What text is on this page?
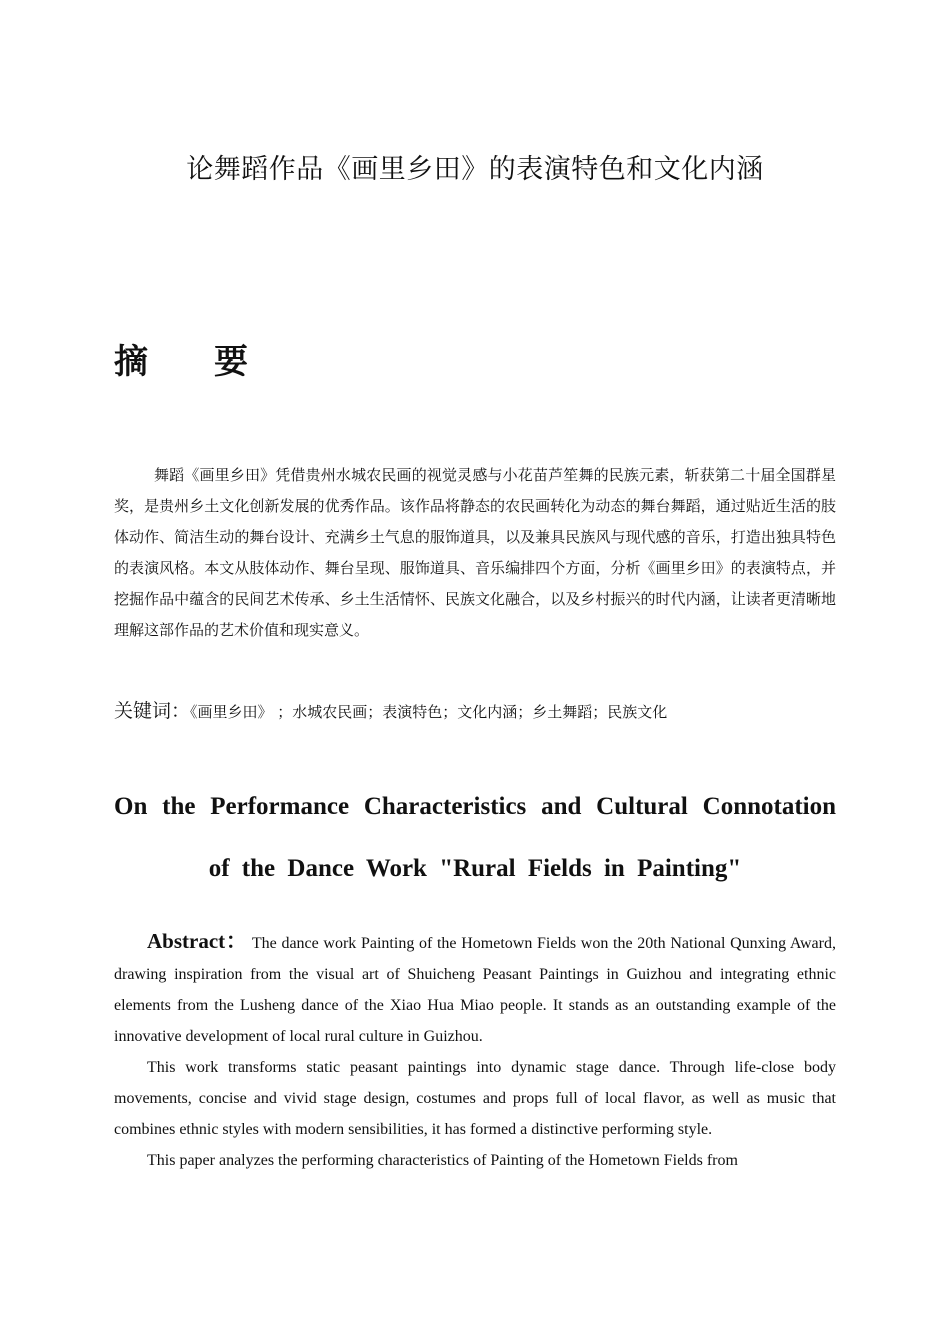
论舞蹈作品《画里乡田》的表演特色和文化内涵
摘 要
舞蹈《画里乡田》凭借贵州水城农民画的视觉灵感与小花苗芦笙舞的民族元素，斩获第二十届全国群星奖，是贵州乡土文化创新发展的优秀作品。该作品将静态的农民画转化为动态的舞台舞蹈，通过贴近生活的肢体动作、简洁生动的舞台设计、充满乡土气息的服饰道具，以及兼具民族风与现代感的音乐，打造出独具特色的表演风格。本文从肢体动作、舞台呈现、服饰道具、音乐编排四个方面，分析《画里乡田》的表演特点，并挖掘作品中蕴含的民间艺术传承、乡土生活情怀、民族文化融合，以及乡村振兴的时代内涵，让读者更清晰地理解这部作品的艺术价值和现实意义。
关键词：《画里乡田》 ；水城农民画；表演特色；文化内涵；乡土舞蹈；民族文化
On the Performance Characteristics and Cultural Connotation of the Dance Work "Rural Fields in Painting"

Abstract： The dance work Painting of the Hometown Fields won the 20th National Qunxing Award, drawing inspiration from the visual art of Shuicheng Peasant Paintings in Guizhou and integrating ethnic elements from the Lusheng dance of the Xiao Hua Miao people. It stands as an outstanding example of the innovative development of local rural culture in Guizhou.

This work transforms static peasant paintings into dynamic stage dance. Through life-close body movements, concise and vivid stage design, costumes and props full of local flavor, as well as music that combines ethnic styles with modern sensibilities, it has formed a distinctive performing style.

This paper analyzes the performing characteristics of Painting of the Hometown Fields from
